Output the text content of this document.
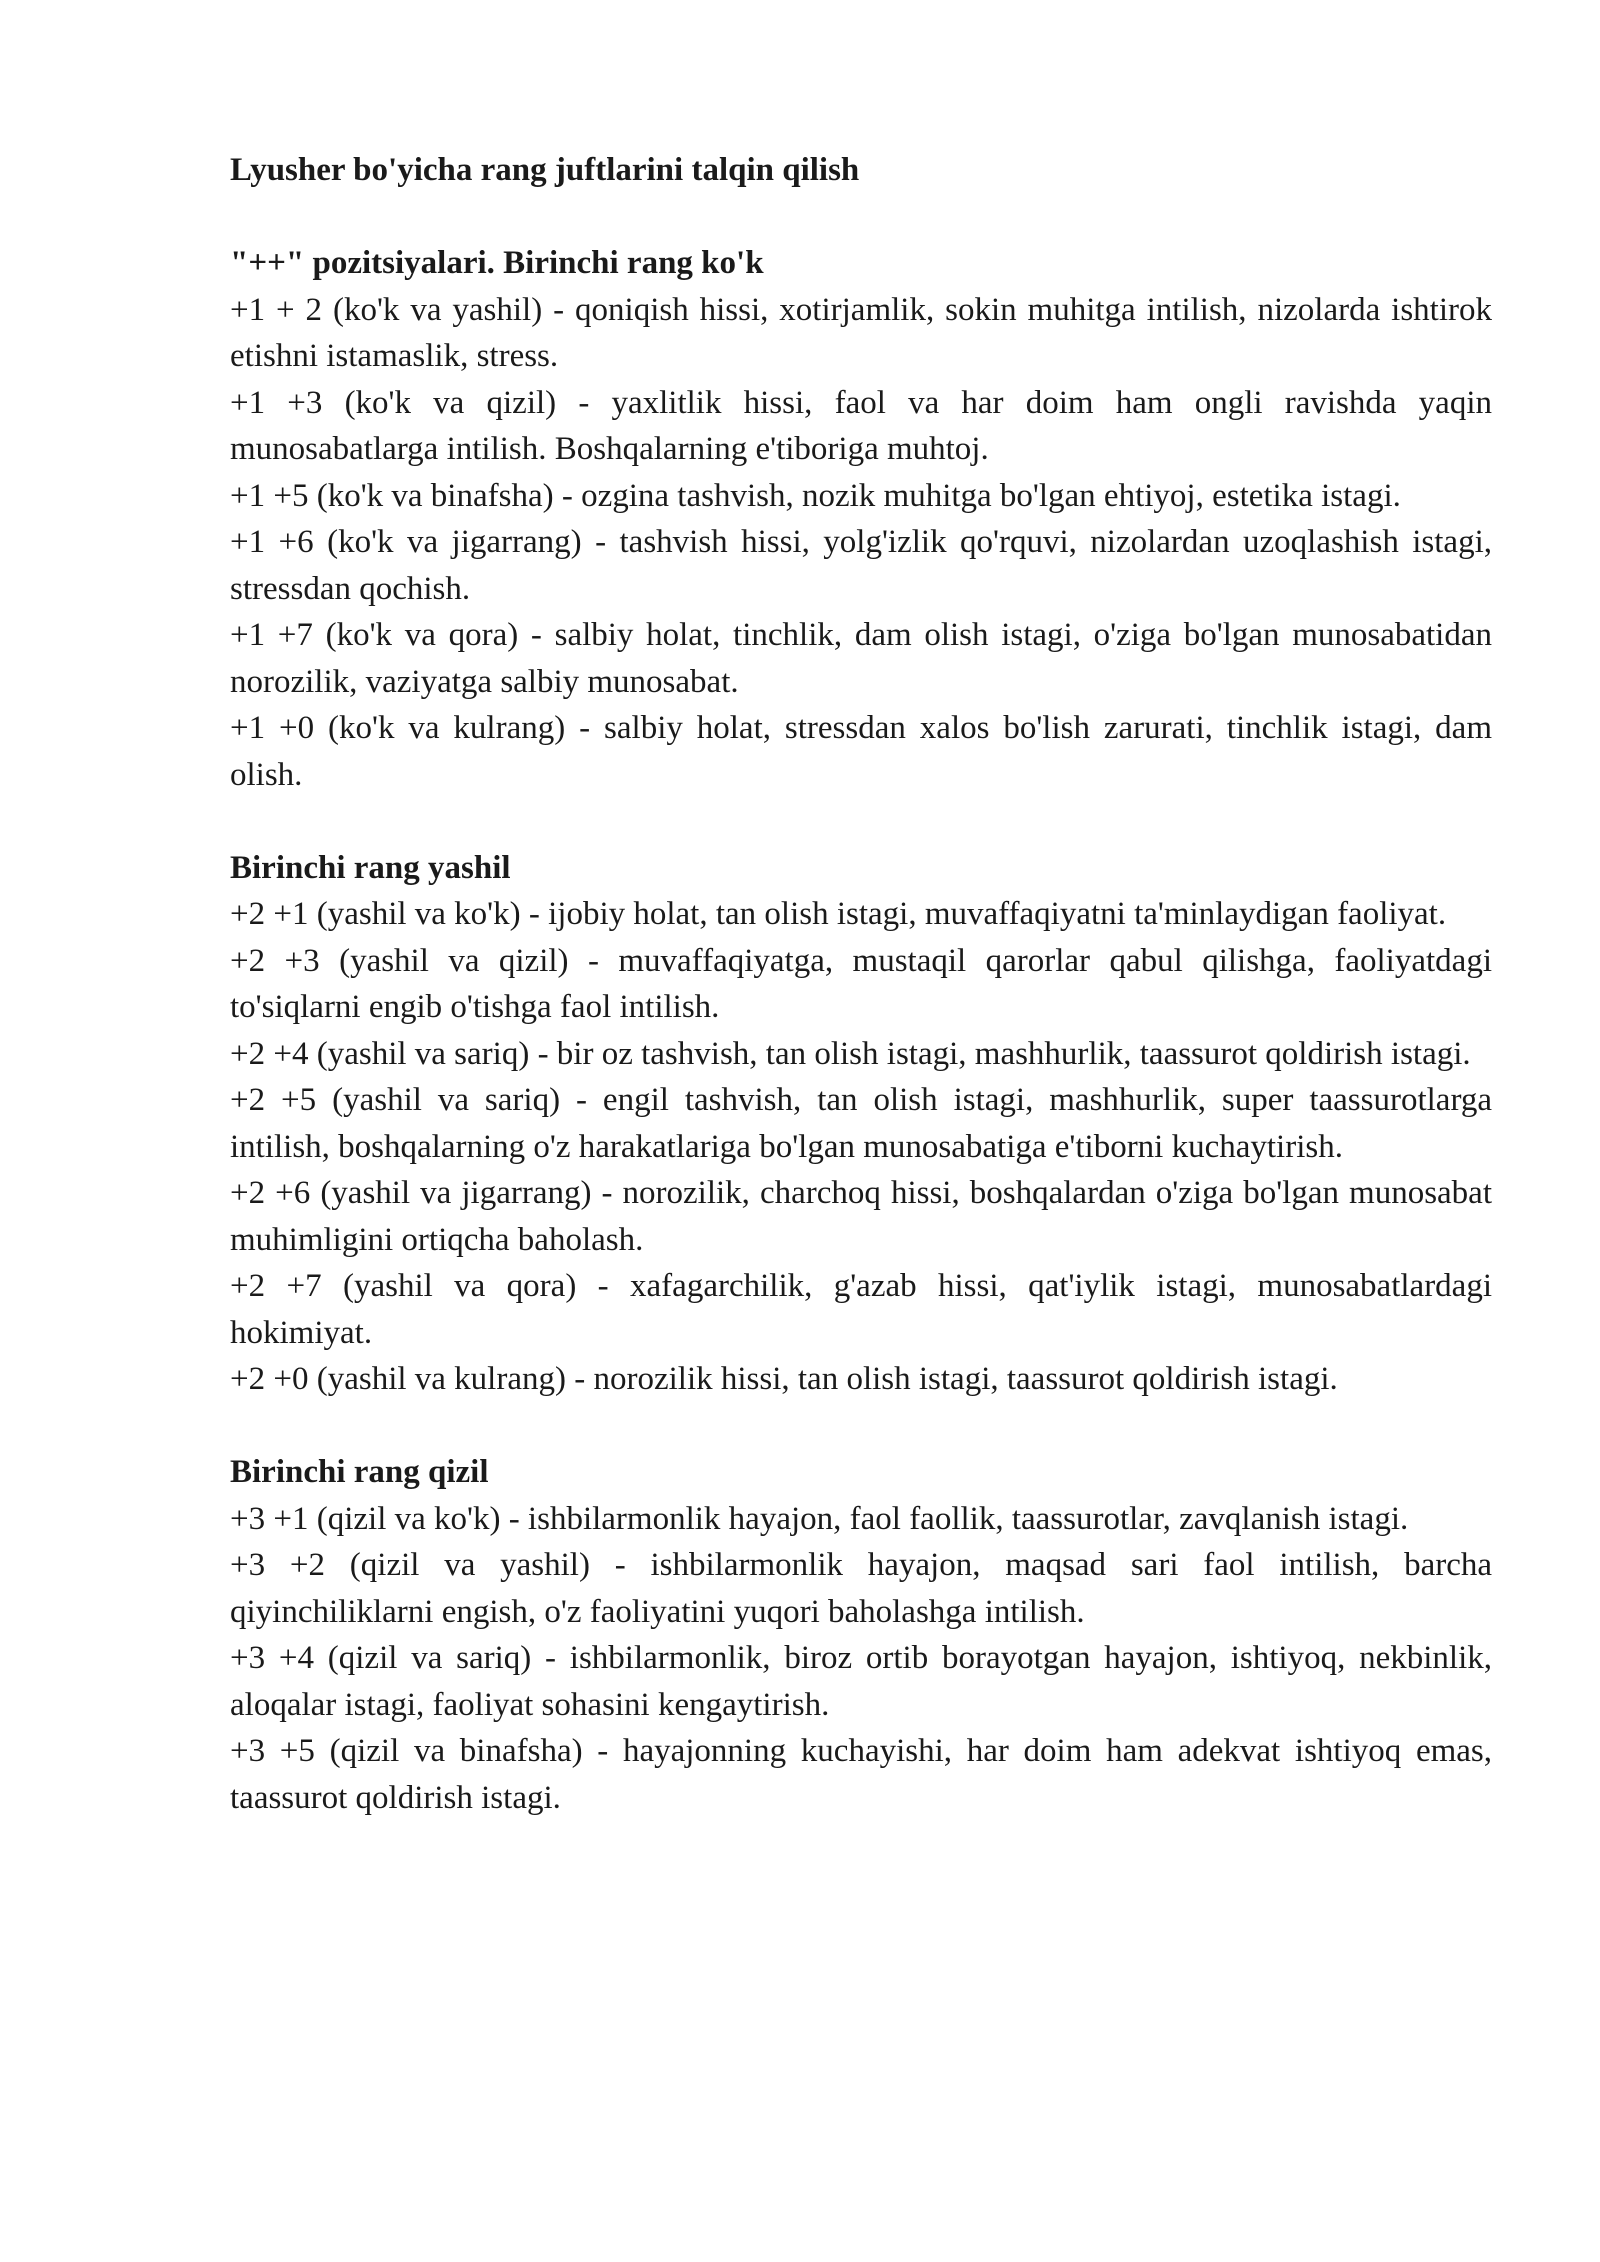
Lyusher bo'yicha rang juftlarini talqin qilish
"++" pozitsiyalari. Birinchi rang ko'k
+1 + 2 (ko'k va yashil) - qoniqish hissi, xotirjamlik, sokin muhitga intilish, nizolarda ishtirok etishni istamaslik, stress.
+1 +3 (ko'k va qizil) - yaxlitlik hissi, faol va har doim ham ongli ravishda yaqin munosabatlarga intilish. Boshqalarning e'tiboriga muhtoj.
+1 +5 (ko'k va binafsha) - ozgina tashvish, nozik muhitga bo'lgan ehtiyoj, estetika istagi.
+1 +6 (ko'k va jigarrang) - tashvish hissi, yolg'izlik qo'rquvi, nizolardan uzoqlashish istagi, stressdan qochish.
+1 +7 (ko'k va qora) - salbiy holat, tinchlik, dam olish istagi, o'ziga bo'lgan munosabatidan norozilik, vaziyatga salbiy munosabat.
+1 +0 (ko'k va kulrang) - salbiy holat, stressdan xalos bo'lish zarurati, tinchlik istagi, dam olish.
Birinchi rang yashil
+2 +1 (yashil va ko'k) - ijobiy holat, tan olish istagi, muvaffaqiyatni ta'minlaydigan faoliyat.
+2 +3 (yashil va qizil) - muvaffaqiyatga, mustaqil qarorlar qabul qilishga, faoliyatdagi to'siqlarni engib o'tishga faol intilish.
+2 +4 (yashil va sariq) - bir oz tashvish, tan olish istagi, mashhurlik, taassurot qoldirish istagi.
+2 +5 (yashil va sariq) - engil tashvish, tan olish istagi, mashhurlik, super taassurotlarga intilish, boshqalarning o'z harakatlariga bo'lgan munosabatiga e'tiborni kuchaytirish.
+2 +6 (yashil va jigarrang) - norozilik, charchoq hissi, boshqalardan o'ziga bo'lgan munosabat muhimligini ortiqcha baholash.
+2 +7 (yashil va qora) - xafagarchilik, g'azab hissi, qat'iylik istagi, munosabatlardagi hokimiyat.
+2 +0 (yashil va kulrang) - norozilik hissi, tan olish istagi, taassurot qoldirish istagi.
Birinchi rang qizil
+3 +1 (qizil va ko'k) - ishbilarmonlik hayajon, faol faollik, taassurotlar, zavqlanish istagi.
+3 +2 (qizil va yashil) - ishbilarmonlik hayajon, maqsad sari faol intilish, barcha qiyinchiliklarni engish, o'z faoliyatini yuqori baholashga intilish.
+3 +4 (qizil va sariq) - ishbilarmonlik, biroz ortib borayotgan hayajon, ishtiyoq, nekbinlik, aloqalar istagi, faoliyat sohasini kengaytirish.
+3 +5 (qizil va binafsha) - hayajonning kuchayishi, har doim ham adekvat ishtiyoq emas, taassurot qoldirish istagi.
